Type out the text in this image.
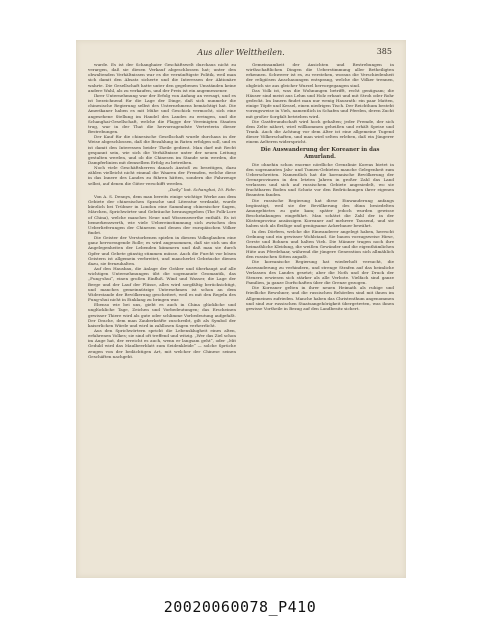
Aus aller Welttheilen.	385

wurde. Es ist der Schanghaier Geschäftswelt durchaus nicht zu verargen, daß sie diesen Verkauf abgeschlossen hat; unter den obwaltenden Verhältnissen war es die vernünftigste Politik, weil man sich damit den Absatz sicherte und die Interessen der Aktionäre wahrte. Die Gesellschaft hatte unter den gegebenen Umständen keine andere Wahl, als zu verkaufen, und der Preis ist ein angemessener.

Ihrer Unternehmung war der Erfolg von Anfang an versagt, und es ist bezeichnend für die Lage der Dinge, daß sich nunmehr die chinesische Regierung selbst des Unternehmens bemächtigt hat. Die Amerikaner haben es mit Mühe und Geschick vermocht, sich eine angesehene Stellung im Handel des Landes zu erringen, und die Schanghai-Gesellschaft, welche die Flagge der Vereinigten Staaten trug, war in der That die hervorragendste Vertreterin dieser Bestrebungen.

Der Kauf für die chinesische Gesellschaft wurde durchaus in der Weise abgeschlossen, daß die Bezahlung in Raten erfolgen soll, und es ist damit den Interessen beider Theile gedient. Man darf mit Recht gespannt sein, wie sich die Verhältnisse unter der neuen Leitung gestalten werden, und ob die Chinesen im Stande sein werden, die Dampferlinien mit demselben Erfolg zu betreiben.

Noch viele Geschäftsherren danach Anstoß zu beseitigen, dazu zählen vielleicht nicht einmal die Waaren der Fremden, welche diese in das Innere des Landes zu führen hätten, sondern die Fahrzeuge selbst, auf denen die Güter verschifft werden.

„Daily“ bat. Schanghai, 10. Febr.

Von A. S. Dennys, dem man bereits einige wichtige Werke aus dem Gebiete der chinesischen Sprache und Literatur verdankt, wurde kürzlich bei Trübner in London eine Sammlung chinesischer Sagen, Märchen, Sprichwörter und Gebräuche herausgegeben (The Folk-Lore of China), welche manches Neue und Wissenswerthe enthält. Es ist bemerkenswerth, wie viele Uebereinstimmung sich zwischen den Ueberlieferungen der Chinesen und denen der europäischen Völker findet.

Die Geister der Verstorbenen spielen in diesem Volksglauben eine ganz hervorragende Rolle; es wird angenommen, daß sie sich um die Angelegenheiten der Lebenden kümmern und daß man sie durch Opfer und Gebete günstig stimmen müsse. Auch die Furcht vor bösen Geistern ist allgemein verbreitet, und mancherlei Gebräuche dienen dazu, sie fernzuhalten.

Auf den Hausbau, die Anlage der Gräber und überhaupt auf alle wichtigen Unternehmungen übt die sogenannte Geomantik, das „Fung-shui“, einen großen Einfluß. Wind und Wasser, die Lage der Berge und der Lauf der Flüsse, alles wird sorgfältig berücksichtigt, und manches gemeinnützige Unternehmen ist schon an dem Widerstande der Bevölkerung gescheitert, weil es mit den Regeln des Fung-shui nicht in Einklang zu bringen war.

Ebenso wie bei uns, giebt es auch in China glückliche und unglückliche Tage, Zeichen und Vorbedeutungen; das Erscheinen gewisser Thiere wird als gute oder schlimme Vorbedeutung aufgefaßt. Der Drache, dem man Zauberkräfte zuschreibt, gilt als Symbol der kaiserlichen Würde und wird in zahllosen Sagen verherrlicht.

Aus den Sprichwörtern spricht die Lebensklugheit eines alten, erfahrenen Volkes; sie sind oft treffend und witzig. „Wer das Ziel schon im Auge hat, der erreicht es auch, wenn er langsam geht“, oder „Mit Geduld wird das Maulbeerblatt zum Seidenkleide“ — solche Sprüche zeugen von der bedächtigen Art, mit welcher der Chinese seinen Geschäften nachgeht.

Gemeinsamkeit der Ansichten und Bestrebungen in wirthschaftlichen Dingen die Ueberstimmung aller Betheiligten erkennen. Schwerer ist es, zu verstehen, woraus die Verschiedenheit der religiösen Anschauungen entsprang, welche die Völker trennen, obgleich sie aus gleicher Wurzel hervorgegangen sind.

Das Volk ist, was die Wohnungen betrifft, recht genügsam; die Häuser sind meist aus Lehm und Holz erbaut und mit Stroh oder Rohr gedeckt. Im Innern findet man nur wenig Hausrath: ein paar Matten, einige Töpfe und Kessel, einen niedrigen Tisch. Der Reichthum besteht vorzugsweise in Vieh, namentlich in Schafen und Pferden, deren Zucht mit großer Sorgfalt betrieben wird.

Die Gastfreundschaft wird hoch gehalten; jeder Fremde, der sich dem Zelte nähert, wird willkommen geheißen und erhält Speise und Trank. Auch die Achtung vor dem Alter ist eine allgemeine Tugend dieser Völkerschaften, und man wird selten erleben, daß ein Jüngerer einem Aelteren widerspricht.

Die Auswanderung der Koreaner in das Amurland.

Die ohnehin schon enorme nördliche Grenzlinie Koreas bietet in den sogenannten Jalu- und Tumen-Gebieten manche Gelegenheit zum Ueberschreiten. Namentlich hat die koreanische Bevölkerung der Grenzprovinzen in den letzten Jahren in großer Zahl das Land verlassen und sich auf russischem Gebiete angesiedelt, wo sie fruchtbaren Boden und Schutz vor den Bedrückungen ihrer eigenen Beamten fanden.

Die russische Regierung hat diese Einwanderung anfangs begünstigt, weil sie der Bevölkerung des dünn besiedelten Amurgebietes zu gute kam; später jedoch wurden gewisse Beschränkungen eingeführt. Man schätzt die Zahl der in der Küstenprovinz ansässigen Koreaner auf mehrere Tausend, und sie haben sich als fleißige und genügsame Ackerbauer bewährt.

In den Dörfern, welche die Einwanderer angelegt haben, herrscht Ordnung und ein gewisser Wohlstand. Sie bauen vorzugsweise Hirse, Gerste und Bohnen und halten Vieh. Die Männer tragen noch ihre heimathliche Kleidung, die weißen Gewänder und die eigenthümlichen Hüte aus Pferdehaar, während die jüngere Generation sich allmählich den russischen Sitten anpaßt.

Die koreanische Regierung hat wiederholt versucht, die Auswanderung zu verhindern, und strenge Strafen auf das heimliche Verlassen des Landes gesetzt; aber die Noth und der Druck der Steuern erwiesen sich stärker als alle Verbote. Vielfach sind ganze Familien, ja ganze Dorfschaften über die Grenze gezogen.

Die Koreaner gelten in ihrer neuen Heimath als ruhige und friedliche Bewohner, und die russischen Behörden sind mit ihnen im Allgemeinen zufrieden. Manche haben das Christenthum angenommen und sind zur russischen Staatsangehörigkeit übergetreten, was ihnen gewisse Vortheile in Bezug auf den Landbesitz sichert.

20020060078_P410
